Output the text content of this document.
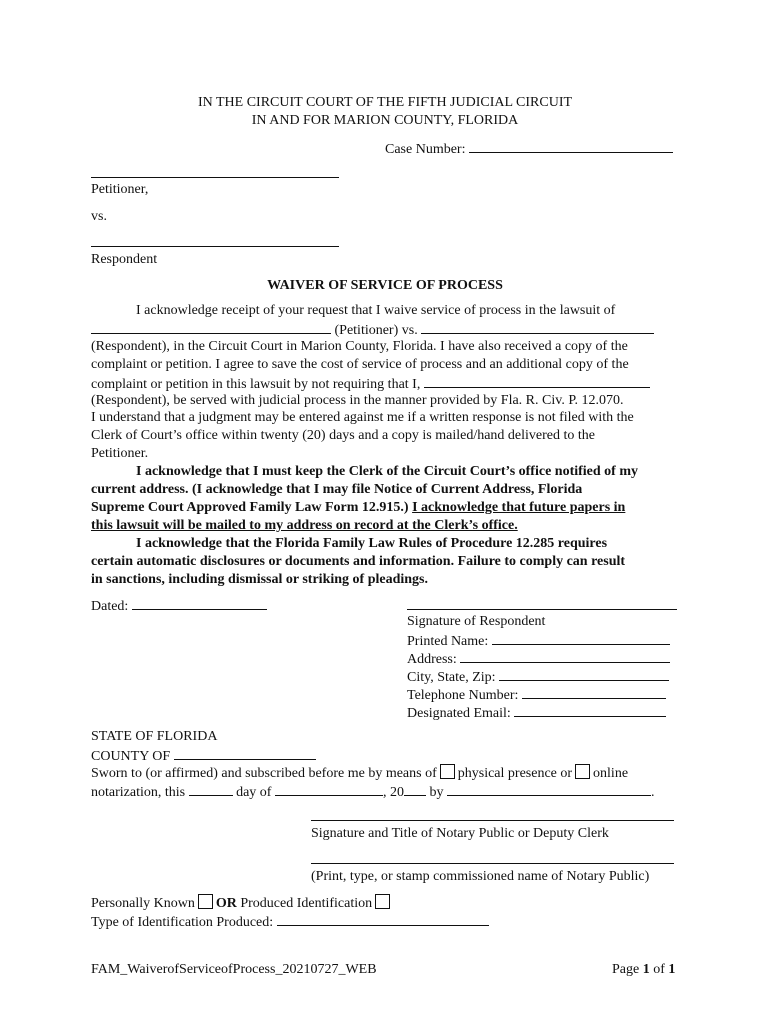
IN THE CIRCUIT COURT OF THE FIFTH JUDICIAL CIRCUIT
IN AND FOR MARION COUNTY, FLORIDA
Case Number:
Petitioner,
vs.
Respondent
WAIVER OF SERVICE OF PROCESS
I acknowledge receipt of your request that I waive service of process in the lawsuit of
(Petitioner) vs.
(Respondent), in the Circuit Court in Marion County, Florida. I have also received a copy of the
complaint or petition. I agree to save the cost of service of process and an additional copy of the
complaint or petition in this lawsuit by not requiring that I,
(Respondent), be served with judicial process in the manner provided by Fla. R. Civ. P. 12.070.
I understand that a judgment may be entered against me if a written response is not filed with the
Clerk of Court’s office within twenty (20) days and a copy is mailed/hand delivered to the
Petitioner.
I acknowledge that I must keep the Clerk of the Circuit Court’s office notified of my
current address. (I acknowledge that I may file Notice of Current Address, Florida
Supreme Court Approved Family Law Form 12.915.) I acknowledge that future papers in
this lawsuit will be mailed to my address on record at the Clerk’s office.
I acknowledge that the Florida Family Law Rules of Procedure 12.285 requires
certain automatic disclosures or documents and information. Failure to comply can result
in sanctions, including dismissal or striking of pleadings.
Dated:
Signature of Respondent
Printed Name:
Address:
City, State, Zip:
Telephone Number:
Designated Email:
STATE OF FLORIDA
COUNTY OF
Sworn to (or affirmed) and subscribed before me by means of physical presence or online
notarization, this	day of	, 20 by	.
Signature and Title of Notary Public or Deputy Clerk
(Print, type, or stamp commissioned name of Notary Public)
Personally Known OR Produced Identification
Type of Identification Produced:
FAM_WaiverofServiceofProcess_20210727_WEB	Page 1 of 1
